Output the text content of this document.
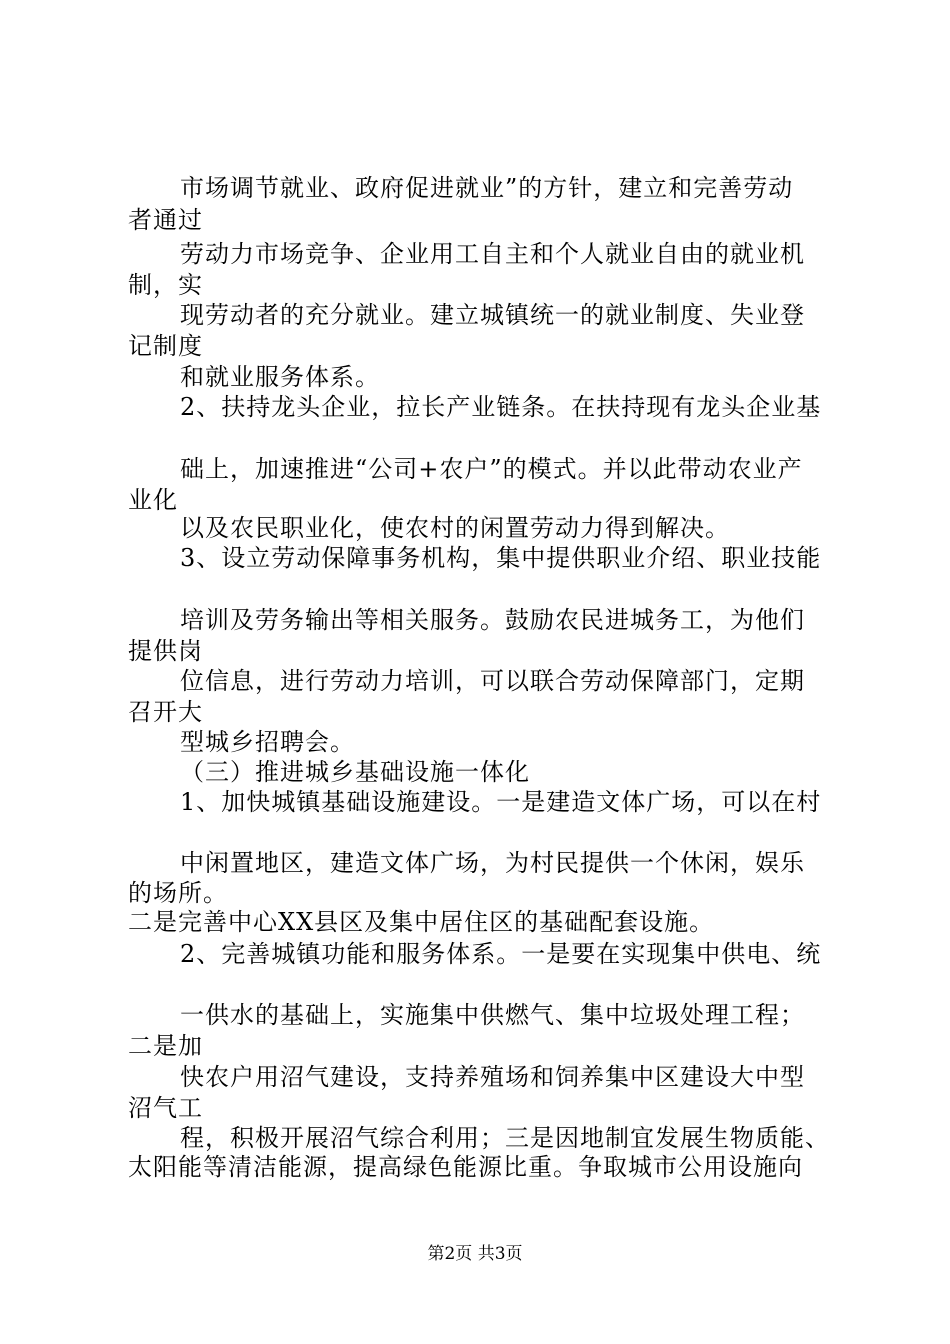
市场调节就业、政府促进就业”的方针，建立和完善劳动
者通过
劳动力市场竞争、企业用工自主和个人就业自由的就业机
制，实
现劳动者的充分就业。建立城镇统一的就业制度、失业登
记制度
和就业服务体系。
2、扶持龙头企业，拉长产业链条。在扶持现有龙头企业基
础上，加速推进“公司+农户”的模式。并以此带动农业产
业化
以及农民职业化，使农村的闲置劳动力得到解决。
3、设立劳动保障事务机构，集中提供职业介绍、职业技能
培训及劳务输出等相关服务。鼓励农民进城务工，为他们
提供岗
位信息，进行劳动力培训，可以联合劳动保障部门，定期
召开大
型城乡招聘会。
（三）推进城乡基础设施一体化
1、加快城镇基础设施建设。一是建造文体广场，可以在村
中闲置地区，建造文体广场，为村民提供一个休闲，娱乐
的场所。
二是完善中心XX县区及集中居住区的基础配套设施。
2、完善城镇功能和服务体系。一是要在实现集中供电、统
一供水的基础上，实施集中供燃气、集中垃圾处理工程；
二是加
快农户用沼气建设，支持养殖场和饲养集中区建设大中型
沼气工
程，积极开展沼气综合利用；三是因地制宜发展生物质能、
太阳能等清洁能源，提高绿色能源比重。争取城市公用设施向
第2页 共3页
